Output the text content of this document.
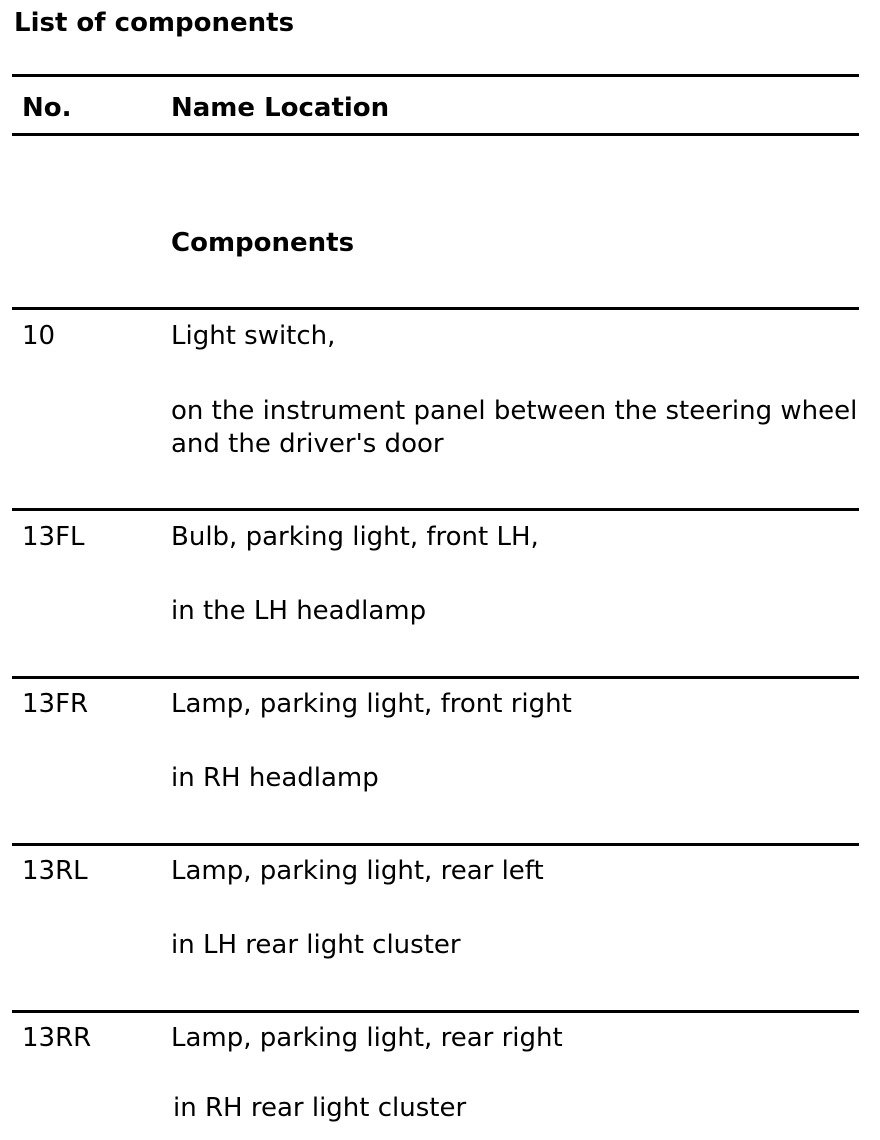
List of components
No.	Name Location
Components
10	Light switch,
on the instrument panel between the steering wheel and the driver's door
13FL	Bulb, parking light, front LH,
in the LH headlamp
13FR	Lamp, parking light, front right
in RH headlamp
13RL	Lamp, parking light, rear left
in LH rear light cluster
13RR	Lamp, parking light, rear right
in RH rear light cluster
